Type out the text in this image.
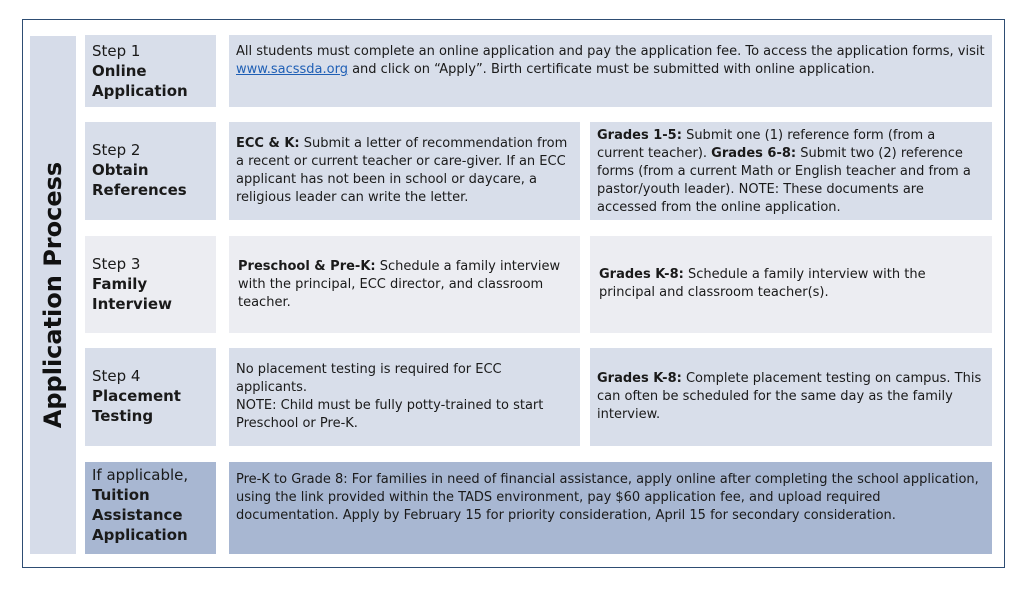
Application Process
Step 1
Online
Application
All students must complete an online application and pay the application fee. To access the application forms, visit www.sacssda.org and click on “Apply”. Birth certificate must be submitted with online application.
Step 2
Obtain
References
ECC & K: Submit a letter of recommendation from a recent or current teacher or care-giver. If an ECC applicant has not been in school or daycare, a religious leader can write the letter.
Grades 1-5: Submit one (1) reference form (from a current teacher). Grades 6-8: Submit two (2) reference forms (from a current Math or English teacher and from a pastor/youth leader). NOTE: These documents are accessed from the online application.
Step 3
Family
Interview
Preschool & Pre-K: Schedule a family interview with the principal, ECC director, and classroom teacher.
Grades K-8: Schedule a family interview with the principal and classroom teacher(s).
Step 4
Placement
Testing
No placement testing is required for ECC applicants.
NOTE: Child must be fully potty-trained to start Preschool or Pre-K.
Grades K-8: Complete placement testing on campus. This can often be scheduled for the same day as the family interview.
If applicable,
Tuition
Assistance
Application
Pre-K to Grade 8: For families in need of financial assistance, apply online after completing the school application, using the link provided within the TADS environment, pay $60 application fee, and upload required documentation. Apply by February 15 for priority consideration, April 15 for secondary consideration.
